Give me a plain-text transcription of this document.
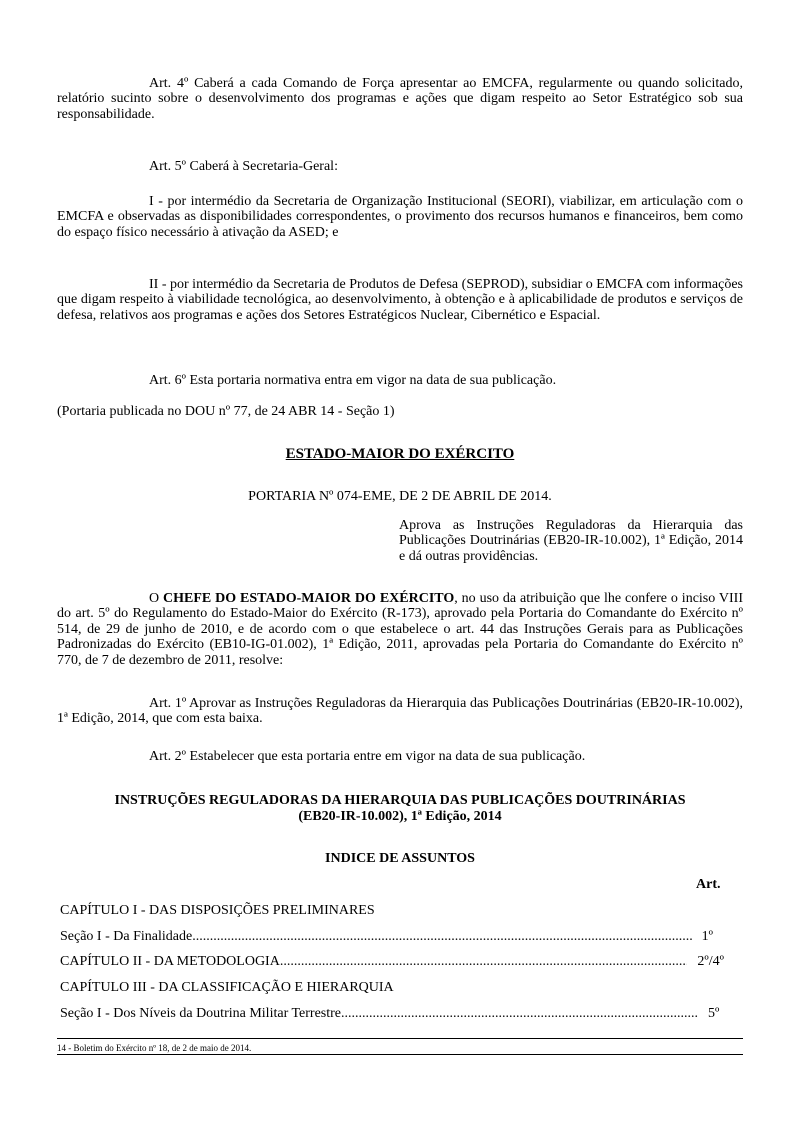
Art. 4º Caberá a cada Comando de Força apresentar ao EMCFA, regularmente ou quando solicitado, relatório sucinto sobre o desenvolvimento dos programas e ações que digam respeito ao Setor Estratégico sob sua responsabilidade.

Art. 5º Caberá à Secretaria-Geral:

I - por intermédio da Secretaria de Organização Institucional (SEORI), viabilizar, em articulação com o EMCFA e observadas as disponibilidades correspondentes, o provimento dos recursos humanos e financeiros, bem como do espaço físico necessário à ativação da ASED; e

II - por intermédio da Secretaria de Produtos de Defesa (SEPROD), subsidiar o EMCFA com informações que digam respeito à viabilidade tecnológica, ao desenvolvimento, à obtenção e à aplicabilidade de produtos e serviços de defesa, relativos aos programas e ações dos Setores Estratégicos Nuclear, Cibernético e Espacial.

Art. 6º Esta portaria normativa entra em vigor na data de sua publicação.

(Portaria publicada no DOU nº 77, de 24 ABR 14 - Seção 1)

ESTADO-MAIOR DO EXÉRCITO

PORTARIA Nº 074-EME, DE 2 DE ABRIL DE 2014.

Aprova as Instruções Reguladoras da Hierarquia das Publicações Doutrinárias (EB20-IR-10.002), 1ª Edição, 2014 e dá outras providências.

O CHEFE DO ESTADO-MAIOR DO EXÉRCITO, no uso da atribuição que lhe confere o inciso VIII do art. 5º do Regulamento do Estado-Maior do Exército (R-173), aprovado pela Portaria do Comandante do Exército nº 514, de 29 de junho de 2010, e de acordo com o que estabelece o art. 44 das Instruções Gerais para as Publicações Padronizadas do Exército (EB10-IG-01.002), 1ª Edição, 2011, aprovadas pela Portaria do Comandante do Exército nº 770, de 7 de dezembro de 2011, resolve:

Art. 1º Aprovar as Instruções Reguladoras da Hierarquia das Publicações Doutrinárias (EB20-IR-10.002), 1ª Edição, 2014, que com esta baixa.

Art. 2º Estabelecer que esta portaria entre em vigor na data de sua publicação.

INSTRUÇÕES REGULADORAS DA HIERARQUIA DAS PUBLICAÇÕES DOUTRINÁRIAS

(EB20-IR-10.002), 1ª Edição, 2014

INDICE DE ASSUNTOS

Art.
CAPÍTULO I - DAS DISPOSIÇÕES PRELIMINARES
Seção I - Da Finalidade .....	1º
CAPÍTULO II - DA METODOLOGIA .....	2º/4º
CAPÍTULO III - DA CLASSIFICAÇÃO E HIERARQUIA
Seção I - Dos Níveis da Doutrina Militar Terrestre .....	5º
14 - Boletim do Exército nº 18, de 2 de maio de 2014.
